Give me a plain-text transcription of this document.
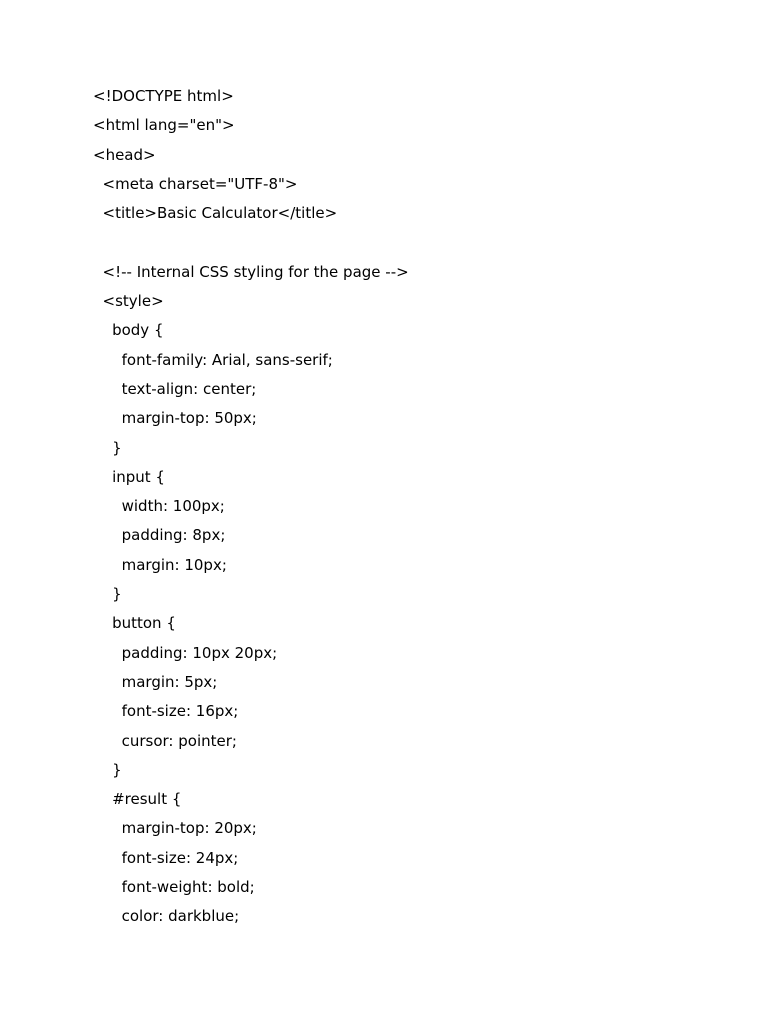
<!DOCTYPE html>
<html lang="en">
<head>
<meta charset="UTF-8">
<title>Basic Calculator</title>
<!-- Internal CSS styling for the page -->
<style>
body {
font-family: Arial, sans-serif;
text-align: center;
margin-top: 50px;
}
input {
width: 100px;
padding: 8px;
margin: 10px;
}
button {
padding: 10px 20px;
margin: 5px;
font-size: 16px;
cursor: pointer;
}
#result {
margin-top: 20px;
font-size: 24px;
font-weight: bold;
color: darkblue;
